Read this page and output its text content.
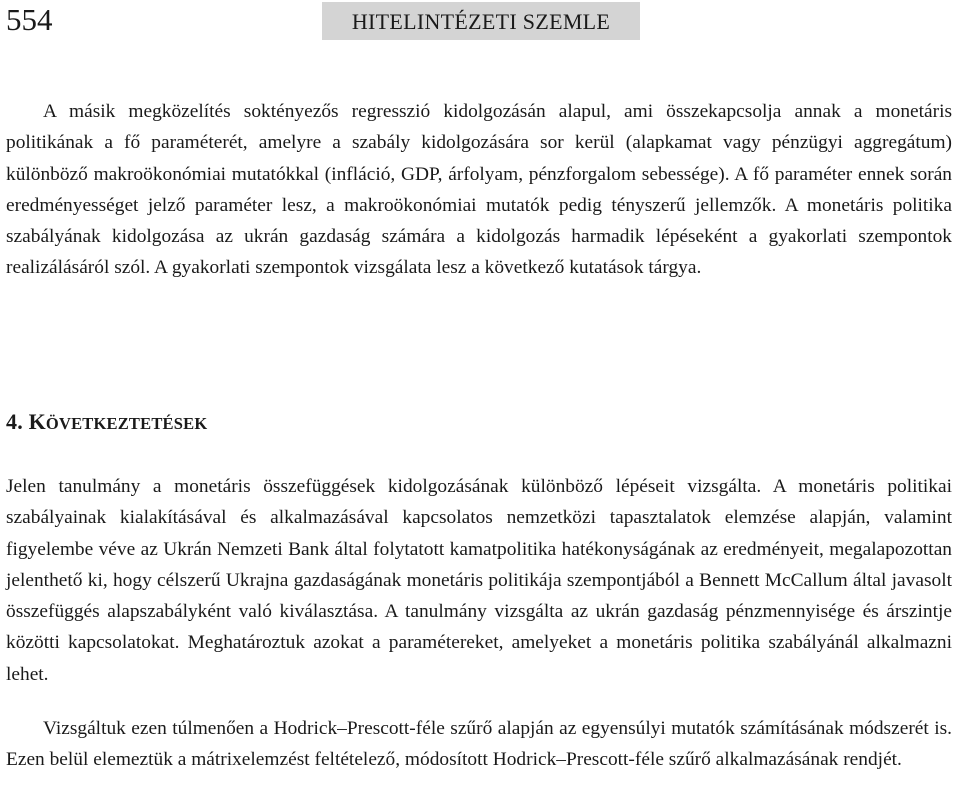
554	HITELINTÉZETI SZEMLE

A másik megközelítés soktényezős regresszió kidolgozásán alapul, ami összekapcsolja annak a monetáris politikának a fő paraméterét, amelyre a szabály kidolgozására sor kerül (alapkamat vagy pénzügyi aggregátum) különböző makroökonómiai mutatókkal (infláció, GDP, árfolyam, pénzforgalom sebessége). A fő paraméter ennek során eredményességet jelző paraméter lesz, a makroökonómiai mutatók pedig tényszerű jellemzők. A monetáris politika szabályának kidolgozása az ukrán gazdaság számára a kidolgozás harmadik lépéseként a gyakorlati szempontok realizálásáról szól. A gyakorlati szempontok vizsgálata lesz a következő kutatások tárgya.

4. KÖVETKEZTETÉSEK

Jelen tanulmány a monetáris összefüggések kidolgozásának különböző lépéseit vizsgálta. A monetáris politikai szabályainak kialakításával és alkalmazásával kapcsolatos nemzetközi tapasztalatok elemzése alapján, valamint figyelembe véve az Ukrán Nemzeti Bank által folytatott kamatpolitika hatékonyságának az eredményeit, megalapozottan jelenthető ki, hogy célszerű Ukrajna gazdaságának monetáris politikája szempontjából a Bennett McCallum által javasolt összefüggés alapszabályként való kiválasztása. A tanulmány vizsgálta az ukrán gazdaság pénzmennyisége és árszintje közötti kapcsolatokat. Meghatároztuk azokat a paramétereket, amelyeket a monetáris politika szabályánál alkalmazni lehet.

Vizsgáltuk ezen túlmenően a Hodrick–Prescott-féle szűrő alapján az egyensúlyi mutatók számításának módszerét is. Ezen belül elemeztük a mátrixelemzést feltételező, módosított Hodrick–Prescott-féle szűrő alkalmazásának rendjét.
